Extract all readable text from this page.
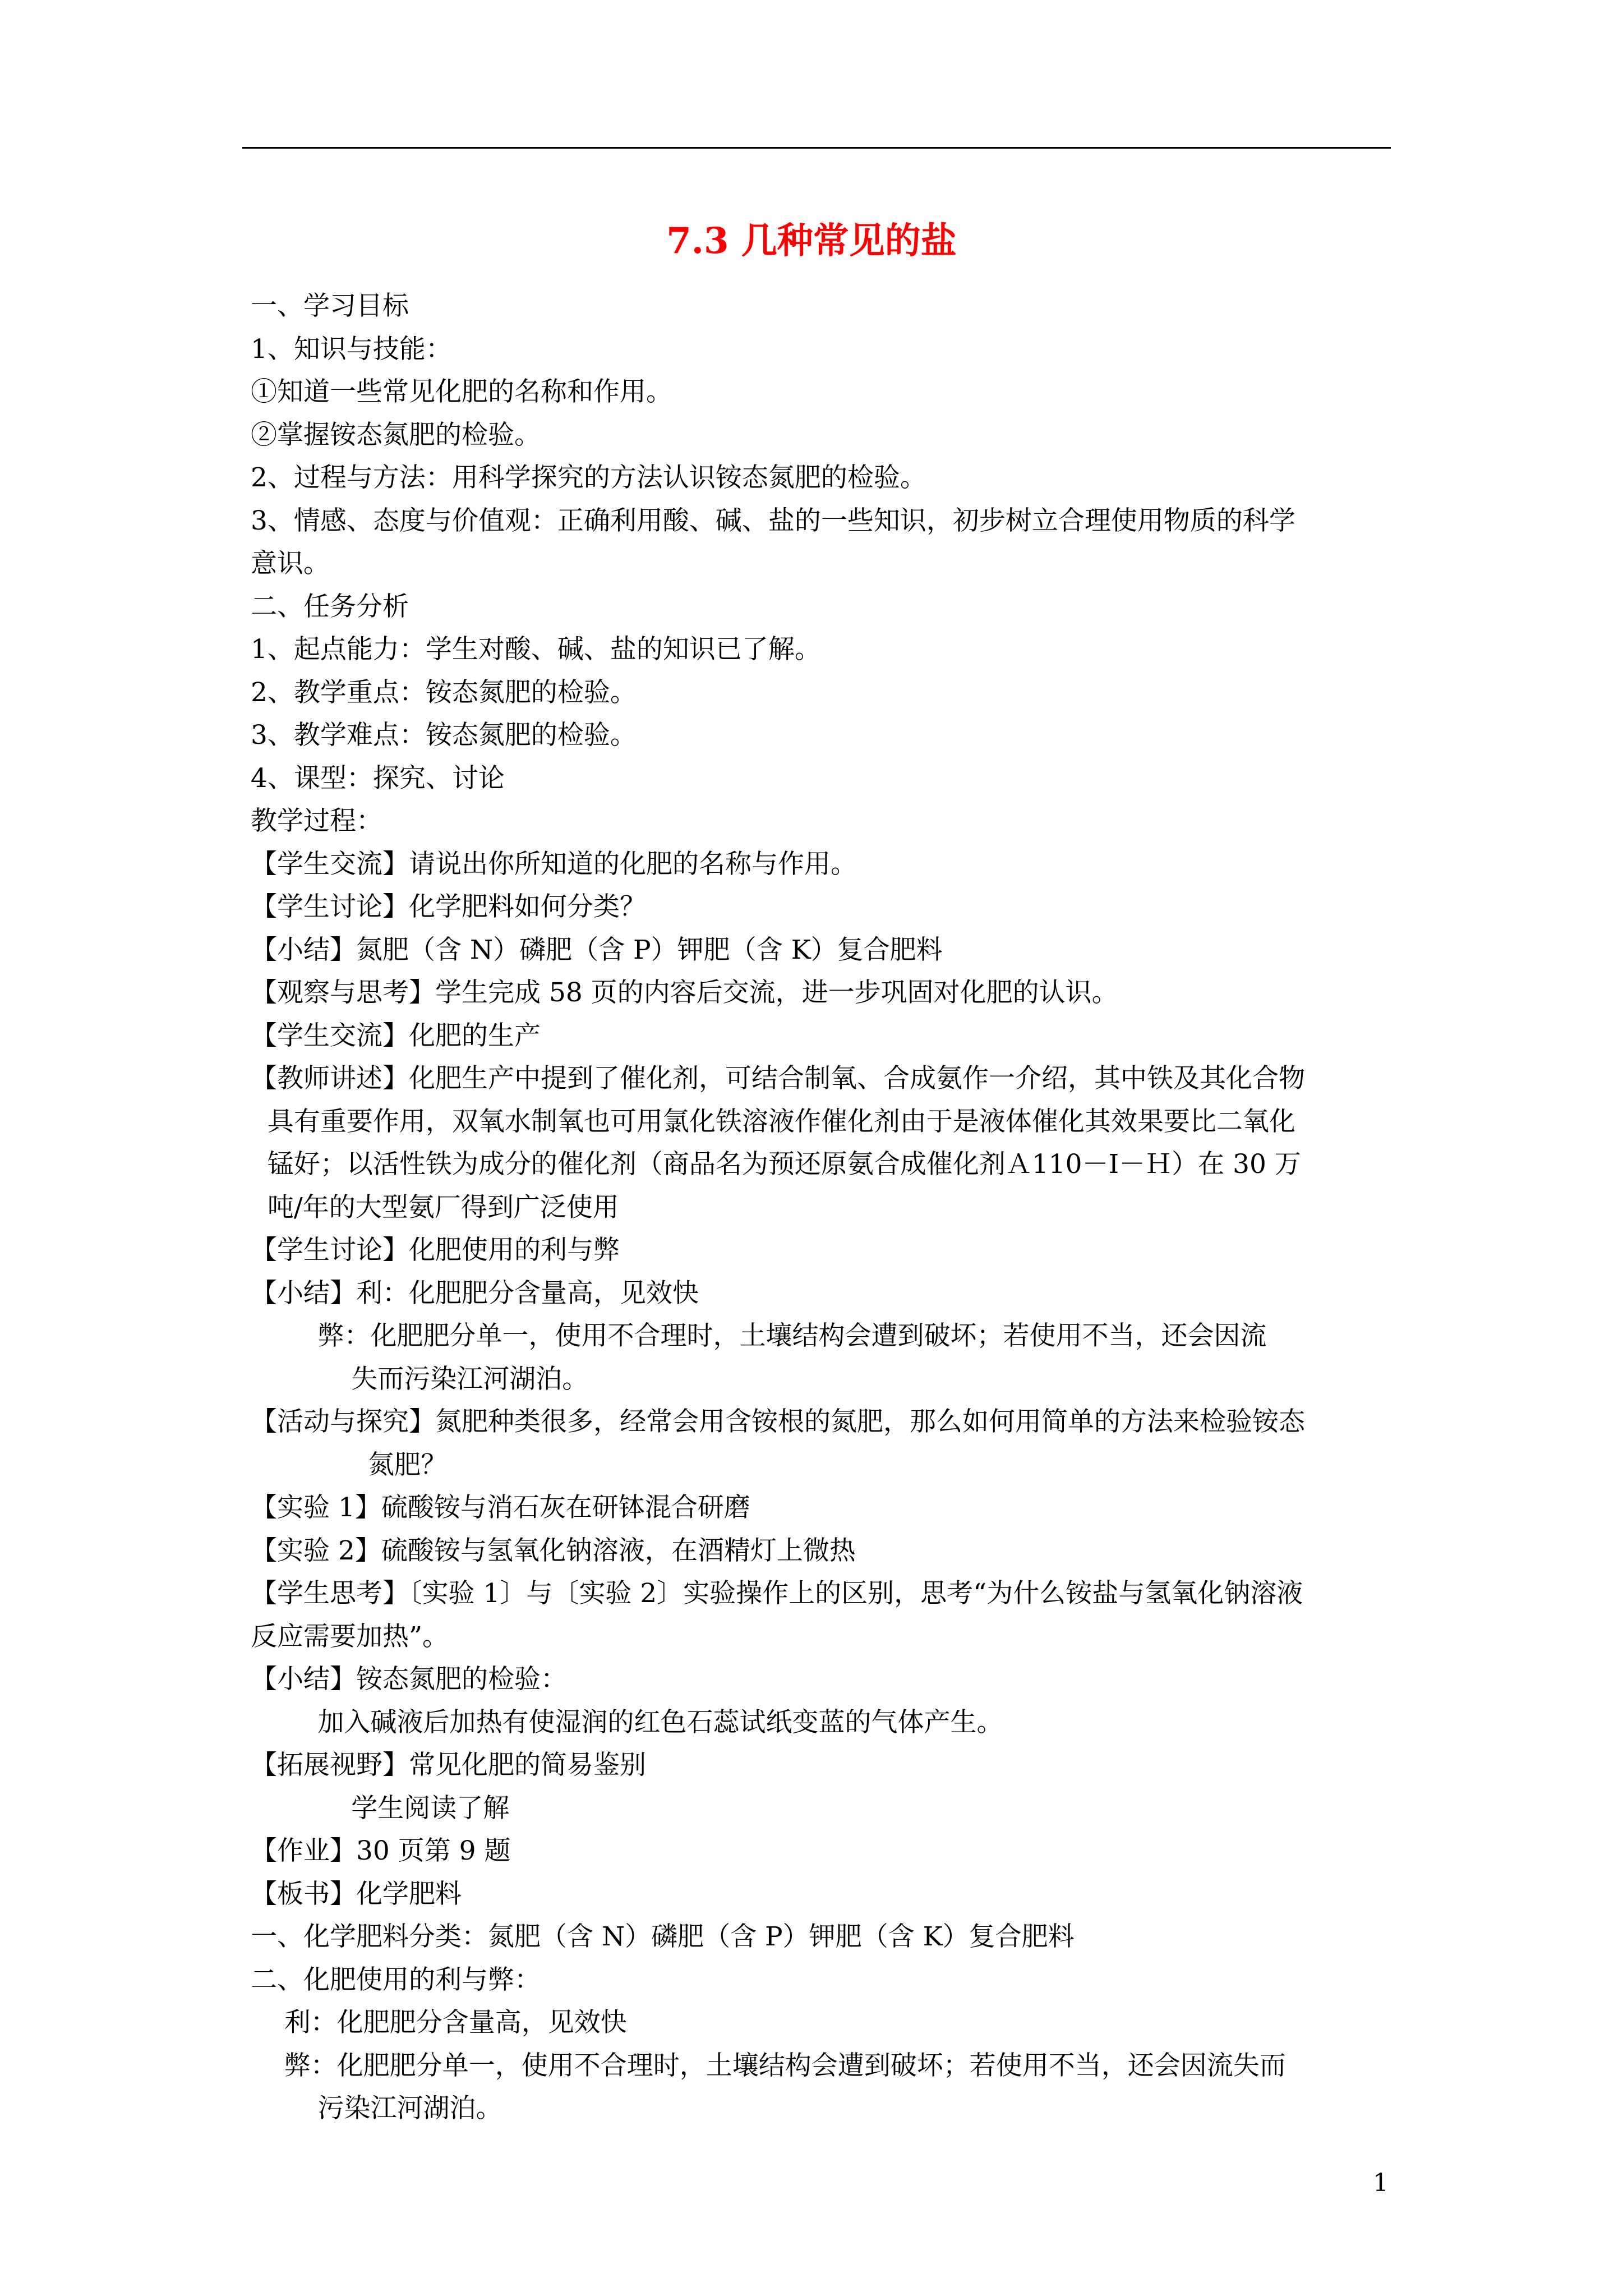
7.3 几种常见的盐
一、学习目标
1、知识与技能：
①知道一些常见化肥的名称和作用。
②掌握铵态氮肥的检验。
2、过程与方法：用科学探究的方法认识铵态氮肥的检验。
3、情感、态度与价值观：正确利用酸、碱、盐的一些知识，初步树立合理使用物质的科学
意识。
二、任务分析
1、起点能力：学生对酸、碱、盐的知识已了解。
2、教学重点：铵态氮肥的检验。
3、教学难点：铵态氮肥的检验。
4、课型：探究、讨论
教学过程：
【学生交流】请说出你所知道的化肥的名称与作用。
【学生讨论】化学肥料如何分类？
【小结】氮肥（含 N）磷肥（含 P）钾肥（含 K）复合肥料
【观察与思考】学生完成 58 页的内容后交流，进一步巩固对化肥的认识。
【学生交流】化肥的生产
【教师讲述】化肥生产中提到了催化剂，可结合制氧、合成氨作一介绍，其中铁及其化合物
具有重要作用，双氧水制氧也可用氯化铁溶液作催化剂由于是液体催化其效果要比二氧化
锰好；以活性铁为成分的催化剂（商品名为预还原氨合成催化剂Ａ110－Ⅰ－Ｈ）在 30 万
吨/年的大型氨厂得到广泛使用
【学生讨论】化肥使用的利与弊
【小结】利：化肥肥分含量高，见效快
弊：化肥肥分单一，使用不合理时，土壤结构会遭到破坏；若使用不当，还会因流
失而污染江河湖泊。
【活动与探究】氮肥种类很多，经常会用含铵根的氮肥，那么如何用简单的方法来检验铵态
氮肥？
【实验 1】硫酸铵与消石灰在研钵混合研磨
【实验 2】硫酸铵与氢氧化钠溶液，在酒精灯上微热
【学生思考】〔实验 1〕与〔实验 2〕实验操作上的区别，思考“为什么铵盐与氢氧化钠溶液
反应需要加热”。
【小结】铵态氮肥的检验：
加入碱液后加热有使湿润的红色石蕊试纸变蓝的气体产生。
【拓展视野】常见化肥的简易鉴别
学生阅读了解
【作业】30 页第 9 题
【板书】化学肥料
一、化学肥料分类：氮肥（含 N）磷肥（含 P）钾肥（含 K）复合肥料
二、化肥使用的利与弊：
利：化肥肥分含量高，见效快
弊：化肥肥分单一，使用不合理时，土壤结构会遭到破坏；若使用不当，还会因流失而
污染江河湖泊。
1
